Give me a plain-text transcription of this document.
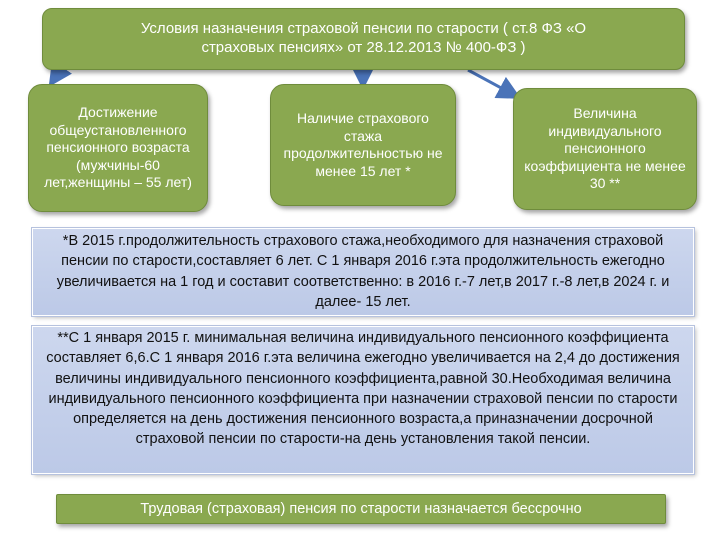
Условия назначения страховой пенсии по старости ( ст.8 ФЗ «О страховых пенсиях» от 28.12.2013 № 400-ФЗ )
Достижение общеустановленного пенсионного возраста (мужчины-60 лет,женщины – 55 лет)
Наличие страхового стажа продолжительностью не менее 15 лет *
Величина индивидуального пенсионного коэффициента не менее 30 **
*В 2015 г.продолжительность страхового стажа,необходимого для назначения страховой пенсии по старости,составляет 6 лет. С 1 января 2016 г.эта продолжительность ежегодно увеличивается на 1 год и составит соответственно: в 2016 г.-7 лет,в 2017 г.-8 лет,в 2024 г. и далее- 15 лет.
**С 1 января 2015 г. минимальная величина индивидуального пенсионного коэффициента составляет 6,6.С 1 января 2016 г.эта величина ежегодно увеличивается на 2,4 до достижения величины индивидуального пенсионного коэффициента,равной 30.Необходимая величина индивидуального пенсионного коэффициента при назначении страховой пенсии по старости определяется на день достижения пенсионного возраста,а приназначении досрочной страховой пенсии по старости-на день установления такой пенсии.
Трудовая (страховая) пенсия по старости назначается бессрочно
